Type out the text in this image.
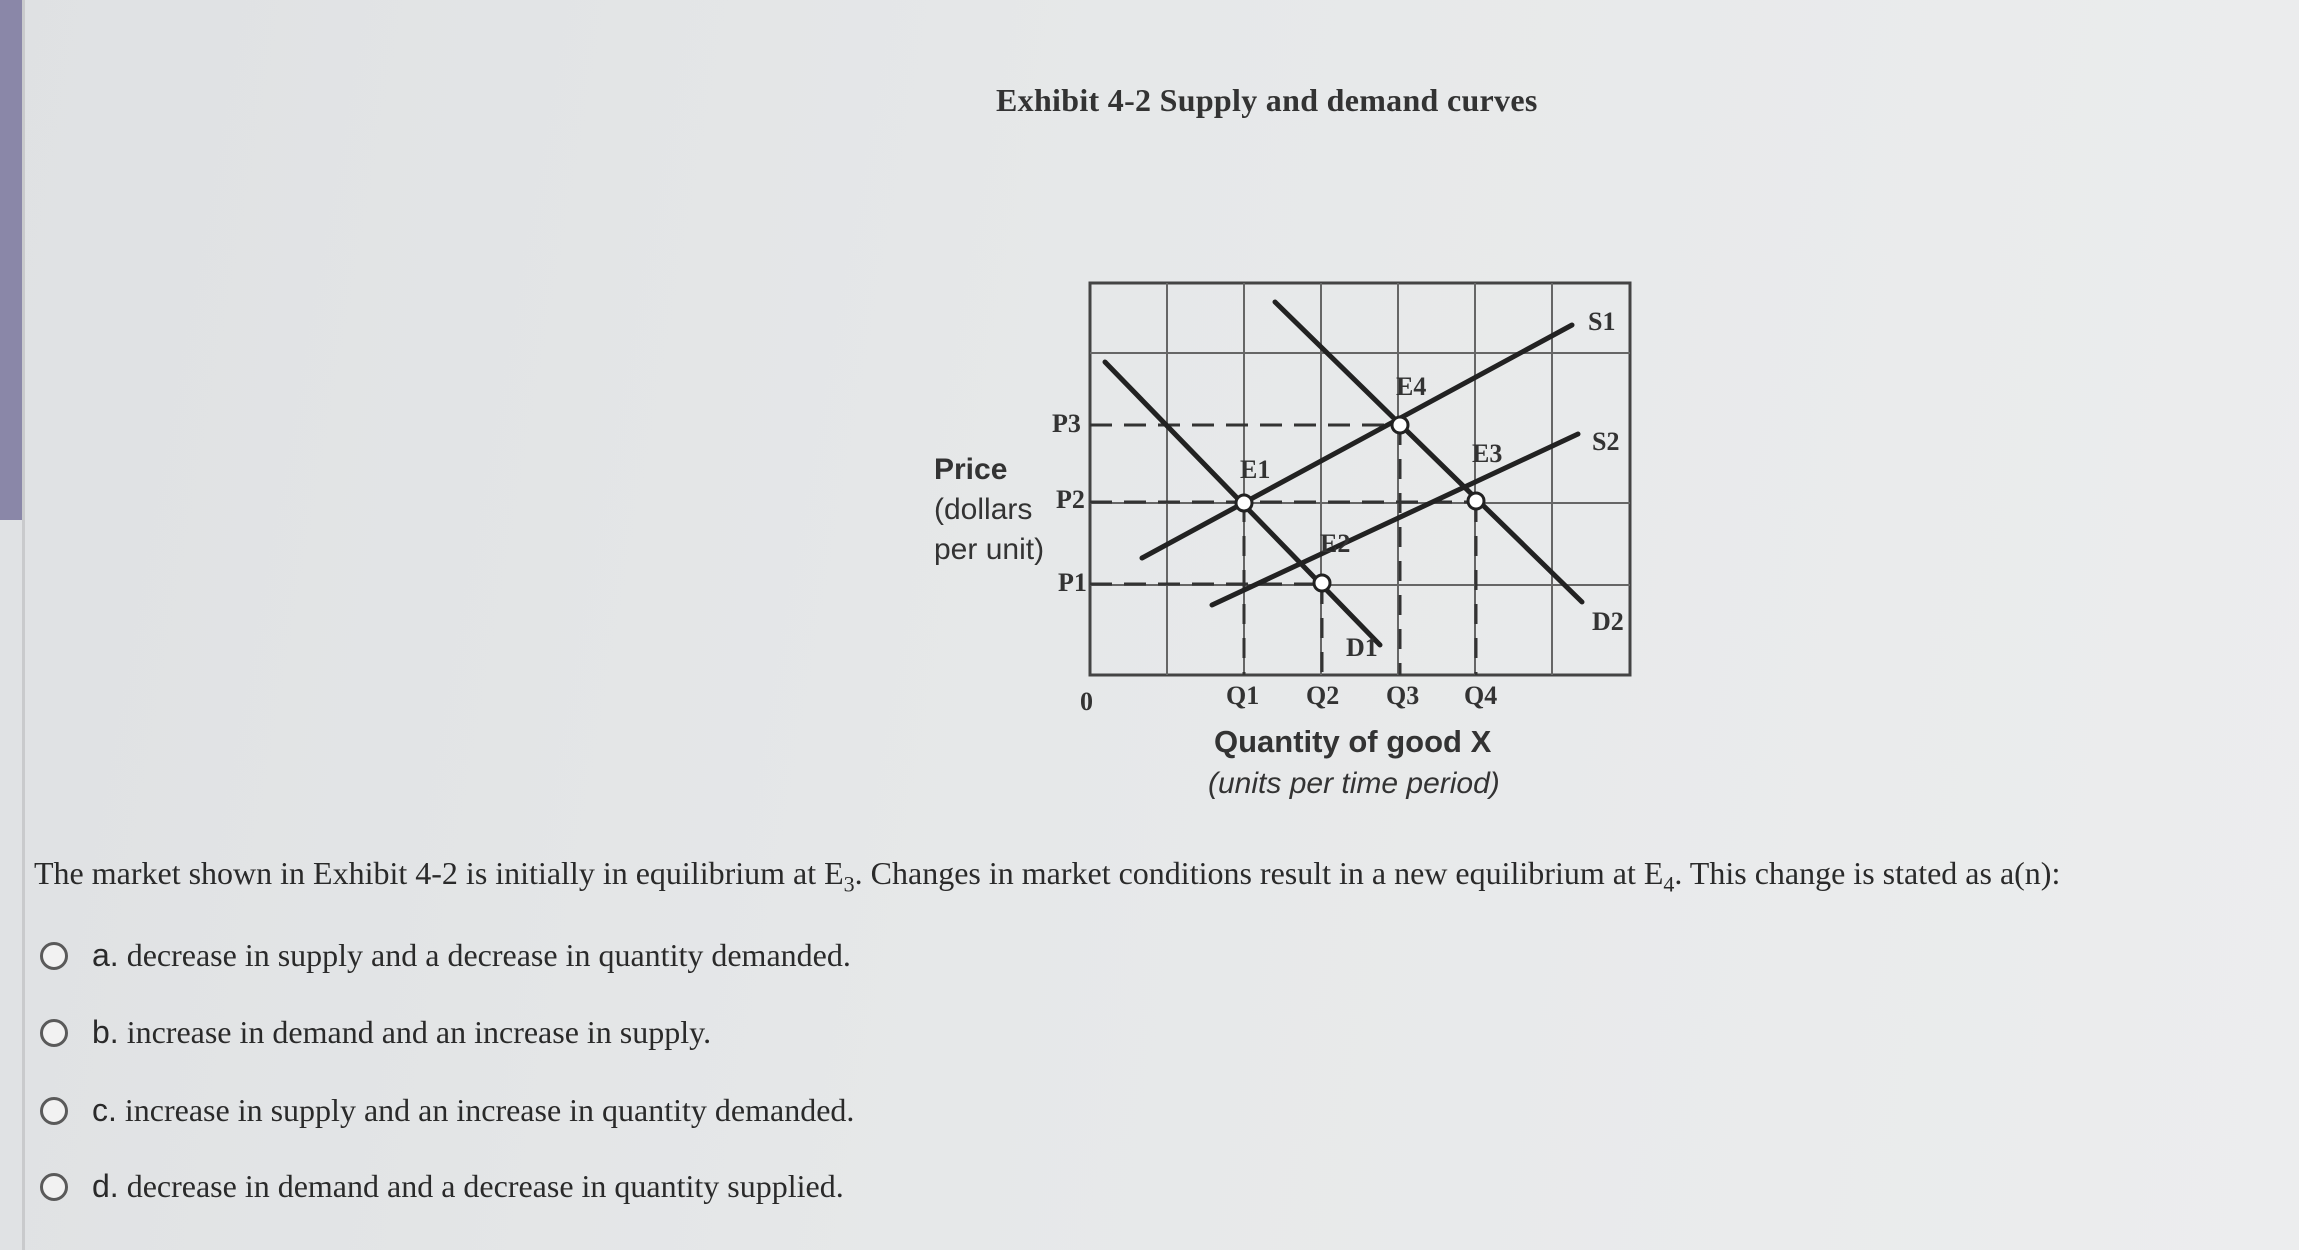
Exhibit 4-2 Supply and demand curves
Price
(dollars
per unit)
P3
P2
P1
Q1 Q2 Q3 Q4
0
S1
S2
D1
D2
E1
E2
E3
E4
Quantity of good X
(units per time period)
The market shown in Exhibit 4-2 is initially in equilibrium at $E_3$. Changes in market conditions result in a new equilibrium at $E_4$. This change is stated as a(n):
a. decrease in supply and a decrease in quantity demanded.
b. increase in demand and an increase in supply.
c. increase in supply and an increase in quantity demanded.
d. decrease in demand and a decrease in quantity supplied.
